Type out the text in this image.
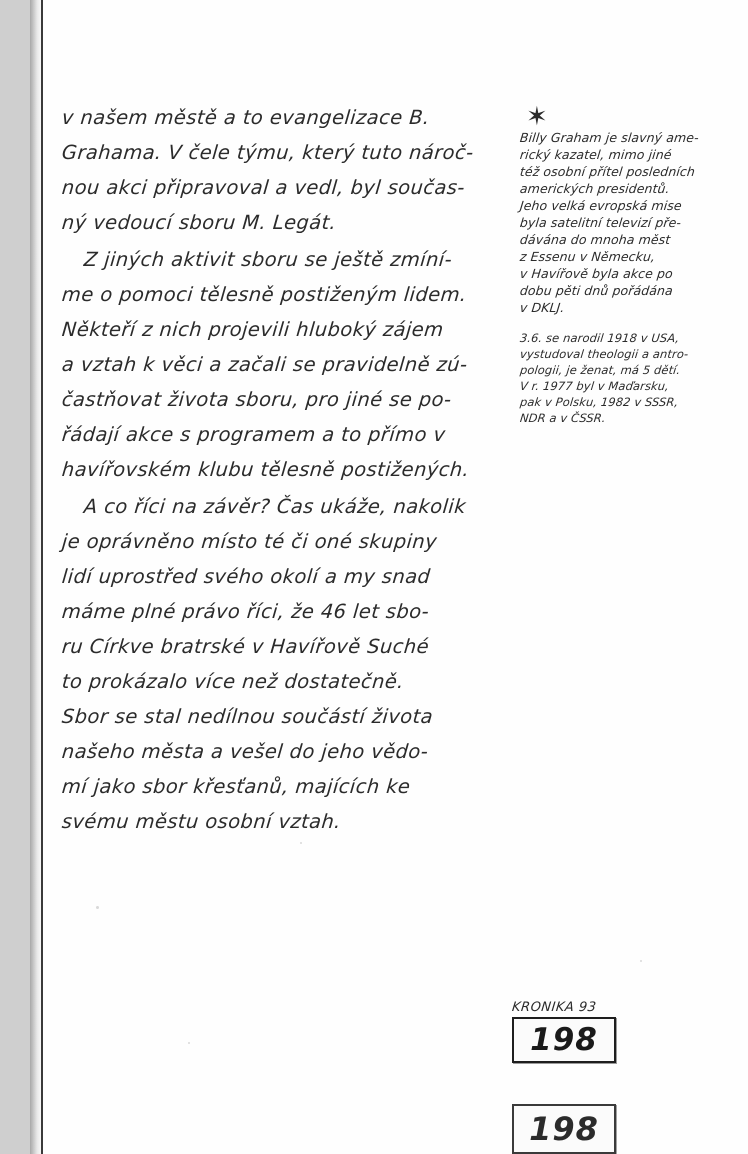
v našem městě a to evangelizace B.
Grahama. V čele týmu, který tuto nároč-
nou akci připravoval a vedl, byl součas-
ný vedoucí sboru M. Legát.
Z jiných aktivit sboru se ještě zmíní-
me o pomoci tělesně postiženým lidem.
Někteří z nich projevili hluboký zájem
a vztah k věci a začali se pravidelně zú-
častňovat života sboru, pro jiné se po-
řádají akce s programem a to přímo v
havířovském klubu tělesně postižených.
A co říci na závěr? Čas ukáže, nakolik
je oprávněno místo té či oné skupiny
lidí uprostřed svého okolí a my snad
máme plné právo říci, že 46 let sbo-
ru Církve bratrské v Havířově Suché
to prokázalo více než dostatečně.
Sbor se stal nedílnou součástí života
našeho města a vešel do jeho vědo-
mí jako sbor křesťanů, majících ke
svému městu osobní vztah.
✶
Billy Graham je slavný ame-
rický kazatel, mimo jiné
též osobní přítel posledních
amerických presidentů.
Jeho velká evropská mise
byla satelitní televizí pře-
dávána do mnoha měst
z Essenu v Německu,
v Havířově byla akce po
dobu pěti dnů pořádána
v DKLJ.
3.6. se narodil 1918 v USA,
vystudoval theologii a antro-
pologii, je ženat, má 5 dětí.
V r. 1977 byl v Maďarsku,
pak v Polsku, 1982 v SSSR,
NDR a v ČSSR.
KRONIKA 93
198
198
